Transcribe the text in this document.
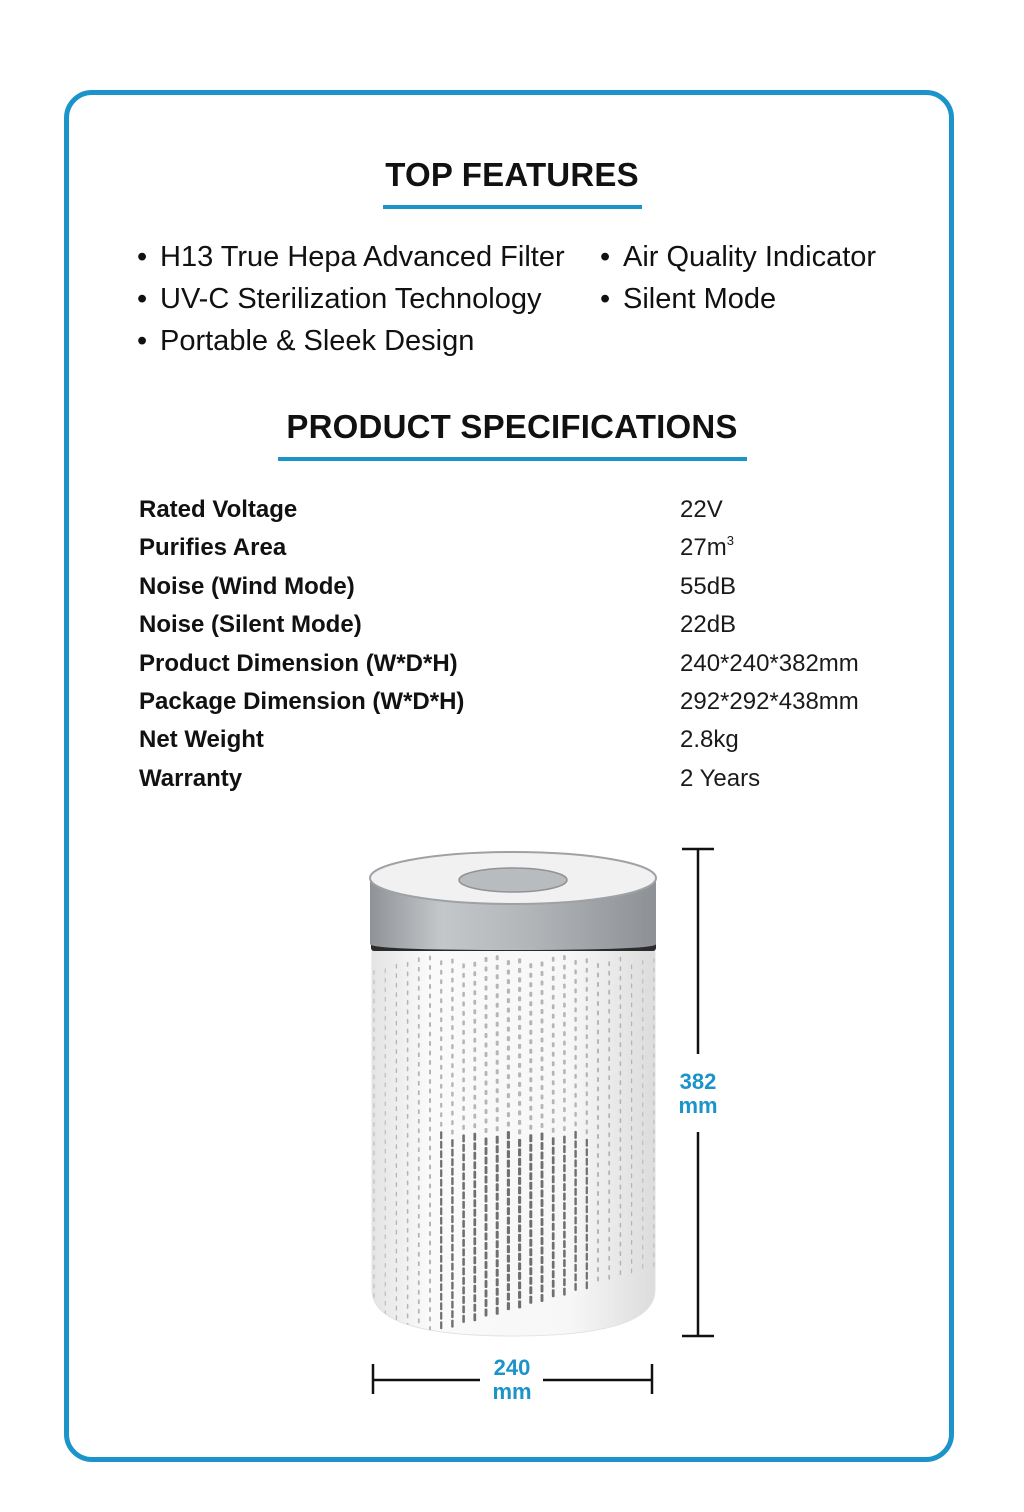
TOP FEATURES
• H13 True Hepa Advanced Filter
• UV-C Sterilization Technology
• Portable & Sleek Design
• Air Quality Indicator
• Silent Mode
PRODUCT SPECIFICATIONS
Rated Voltage	22V
Purifies Area	$27m^3$
Noise (Wind Mode)	55dB
Noise (Silent Mode)	22dB
Product Dimension (W*D*H)	240*240*382mm
Package Dimension (W*D*H)	292*292*438mm
Net Weight	2.8kg
Warranty	2 Years
382
mm
240
mm
